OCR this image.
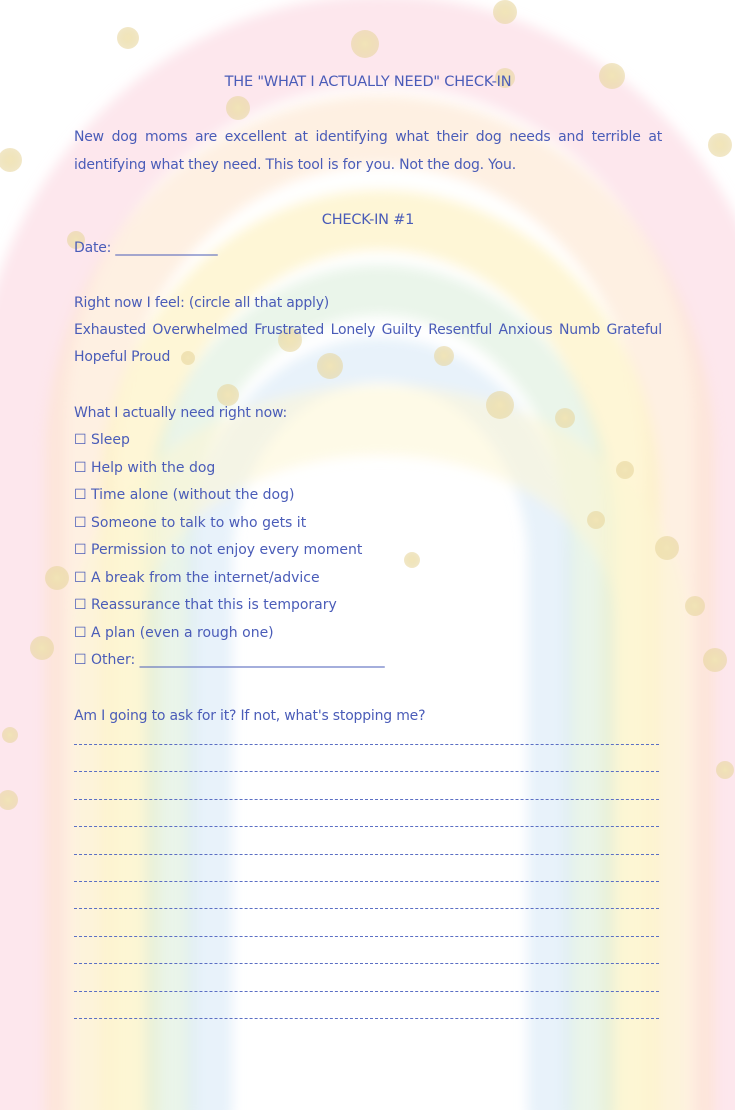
THE "WHAT I ACTUALLY NEED" CHECK-IN
New dog moms are excellent at identifying what their dog needs and terrible at identifying what they need. This tool is for you. Not the dog. You.
CHECK-IN #1
Date: _______________
Right now I feel: (circle all that apply)
Exhausted Overwhelmed Frustrated Lonely Guilty Resentful Anxious Numb GratefulHopeful Proud
What I actually need right now:
☐ Sleep
☐ Help with the dog
☐ Time alone (without the dog)
☐ Someone to talk to who gets it
☐ Permission to not enjoy every moment
☐ A break from the internet/advice
☐ Reassurance that this is temporary
☐ A plan (even a rough one)
☐ Other: ___________________________________
Am I going to ask for it? If not, what's stopping me?
